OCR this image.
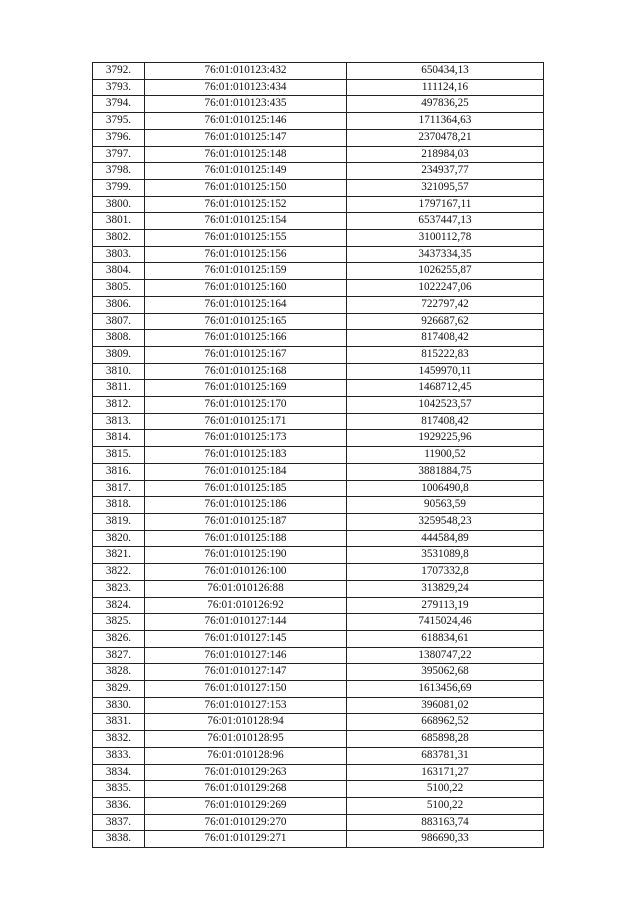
3792.	76:01:010123:432	650434,13
3793.	76:01:010123:434	111124,16
3794.	76:01:010123:435	497836,25
3795.	76:01:010125:146	1711364,63
3796.	76:01:010125:147	2370478,21
3797.	76:01:010125:148	218984,03
3798.	76:01:010125:149	234937,77
3799.	76:01:010125:150	321095,57
3800.	76:01:010125:152	1797167,11
3801.	76:01:010125:154	6537447,13
3802.	76:01:010125:155	3100112,78
3803.	76:01:010125:156	3437334,35
3804.	76:01:010125:159	1026255,87
3805.	76:01:010125:160	1022247,06
3806.	76:01:010125:164	722797,42
3807.	76:01:010125:165	926687,62
3808.	76:01:010125:166	817408,42
3809.	76:01:010125:167	815222,83
3810.	76:01:010125:168	1459970,11
3811.	76:01:010125:169	1468712,45
3812.	76:01:010125:170	1042523,57
3813.	76:01:010125:171	817408,42
3814.	76:01:010125:173	1929225,96
3815.	76:01:010125:183	11900,52
3816.	76:01:010125:184	3881884,75
3817.	76:01:010125:185	1006490,8
3818.	76:01:010125:186	90563,59
3819.	76:01:010125:187	3259548,23
3820.	76:01:010125:188	444584,89
3821.	76:01:010125:190	3531089,8
3822.	76:01:010126:100	1707332,8
3823.	76:01:010126:88	313829,24
3824.	76:01:010126:92	279113,19
3825.	76:01:010127:144	7415024,46
3826.	76:01:010127:145	618834,61
3827.	76:01:010127:146	1380747,22
3828.	76:01:010127:147	395062,68
3829.	76:01:010127:150	1613456,69
3830.	76:01:010127:153	396081,02
3831.	76:01:010128:94	668962,52
3832.	76:01:010128:95	685898,28
3833.	76:01:010128:96	683781,31
3834.	76:01:010129:263	163171,27
3835.	76:01:010129:268	5100,22
3836.	76:01:010129:269	5100,22
3837.	76:01:010129:270	883163,74
3838.	76:01:010129:271	986690,33
